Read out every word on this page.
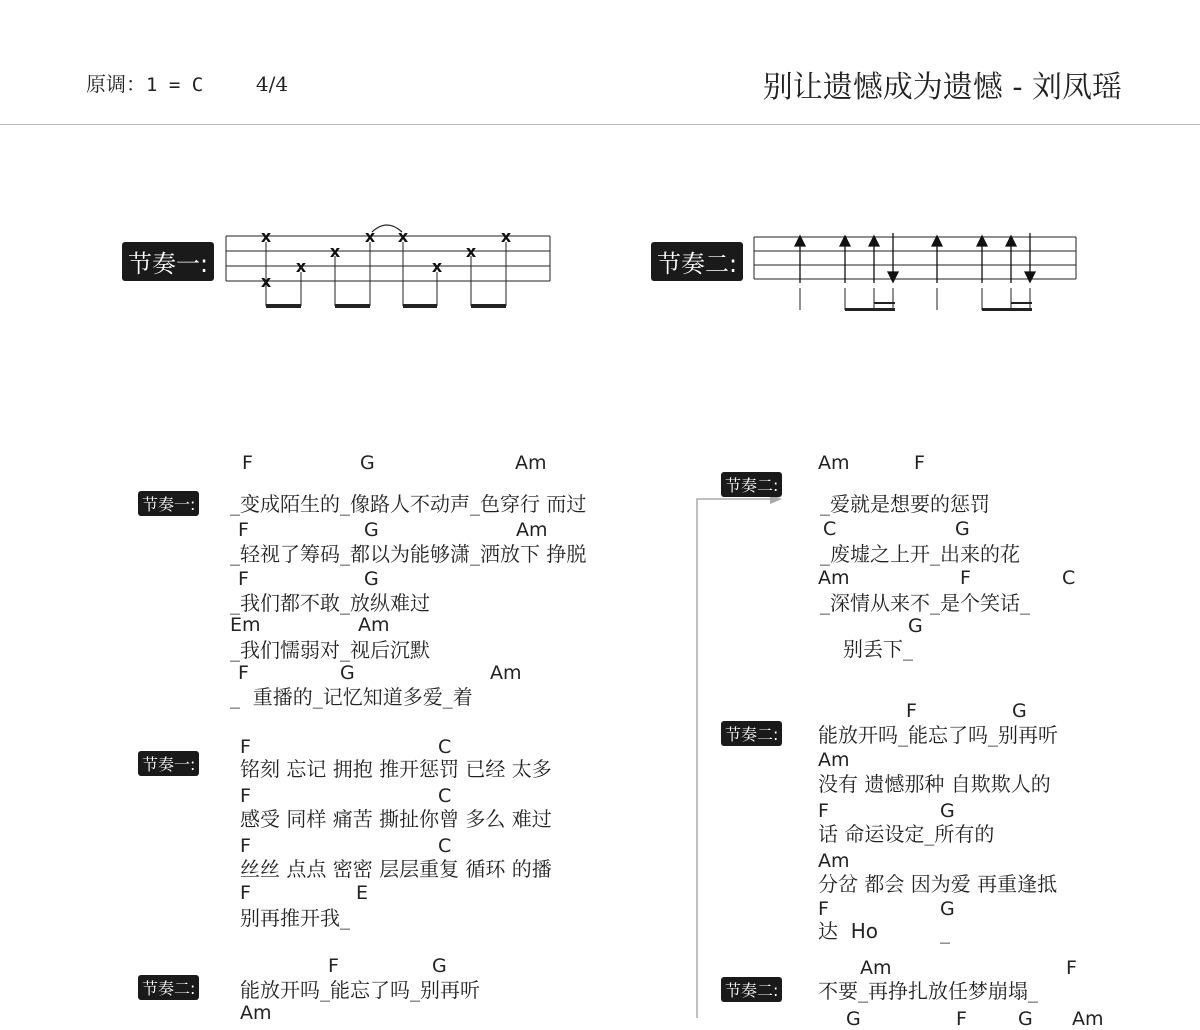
原调：1 = C	4/4	别让遗憾成为遗憾 - 刘凤瑶
节奏一:
x
x
x
x
x x
x
x
x
节奏二:
节奏一:
节奏一:
节奏二:
F	G	Am
_变成陌生的_像路人不动声_色穿行 而过
F	G	Am
_轻视了筹码_都以为能够潇_洒放下 挣脱
F	G
_我们都不敢_放纵难过
Em	Am
_我们懦弱对_视后沉默
F	G	Am
_  重播的_记忆知道多爱_着
F	C
铭刻 忘记 拥抱 推开惩罚 已经 太多
F	C
感受 同样 痛苦 撕扯你曾 多么 难过
F	C
丝丝 点点 密密 层层重复 循环 的播
F	E
别再推开我_
F	G
能放开吗_能忘了吗_别再听
Am
节奏二:
节奏二:
节奏二:
Am	F
_爱就是想要的惩罚
C	G
_废墟之上开_出来的花
Am	F	C
_深情从来不_是个笑话_
G
别丢下_
F	G
能放开吗_能忘了吗_别再听
Am
没有 遗憾那种 自欺欺人的
F	G
话 命运设定_所有的
Am
分岔 都会 因为爱 再重逢抵
F	G
达 Ho	_
Am	F
不要_再挣扎放任梦崩塌_
G	F	G Am
